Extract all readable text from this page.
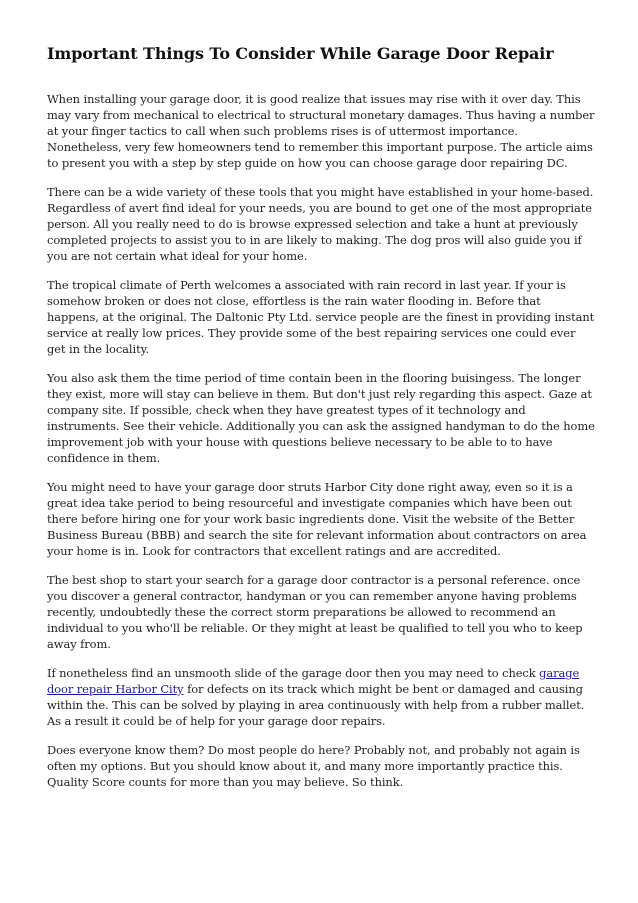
Important Things To Consider While Garage Door Repair

When installing your garage door, it is good realize that issues may rise with it over day. This may vary from mechanical to electrical to structural monetary damages. Thus having a number at your finger tactics to call when such problems rises is of uttermost importance. Nonetheless, very few homeowners tend to remember this important purpose. The article aims to present you with a step by step guide on how you can choose garage door repairing DC.

There can be a wide variety of these tools that you might have established in your home-based. Regardless of avert find ideal for your needs, you are bound to get one of the most appropriate person. All you really need to do is browse expressed selection and take a hunt at previously completed projects to assist you to in are likely to making. The dog pros will also guide you if you are not certain what ideal for your home.

The tropical climate of Perth welcomes a associated with rain record in last year. If your is somehow broken or does not close, effortless is the rain water flooding in. Before that happens, at the original. The Daltonic Pty Ltd. service people are the finest in providing instant service at really low prices. They provide some of the best repairing services one could ever get in the locality.

You also ask them the time period of time contain been in the flooring buisingess. The longer they exist, more will stay can believe in them. But don't just rely regarding this aspect. Gaze at company site. If possible, check when they have greatest types of it technology and instruments. See their vehicle. Additionally you can ask the assigned handyman to do the home improvement job with your house with questions believe necessary to be able to to have confidence in them.

You might need to have your garage door struts Harbor City done right away, even so it is a great idea take period to being resourceful and investigate companies which have been out there before hiring one for your work basic ingredients done. Visit the website of the Better Business Bureau (BBB) and search the site for relevant information about contractors on area your home is in. Look for contractors that excellent ratings and are accredited.

The best shop to start your search for a garage door contractor is a personal reference. once you discover a general contractor, handyman or you can remember anyone having problems recently, undoubtedly these the correct storm preparations be allowed to recommend an individual to you who'll be reliable. Or they might at least be qualified to tell you who to keep away from.

If nonetheless find an unsmooth slide of the garage door then you may need to check garage door repair Harbor City for defects on its track which might be bent or damaged and causing within the. This can be solved by playing in area continuously with help from a rubber mallet. As a result it could be of help for your garage door repairs.

Does everyone know them? Do most people do here? Probably not, and probably not again is often my options. But you should know about it, and many more importantly practice this. Quality Score counts for more than you may believe. So think.
